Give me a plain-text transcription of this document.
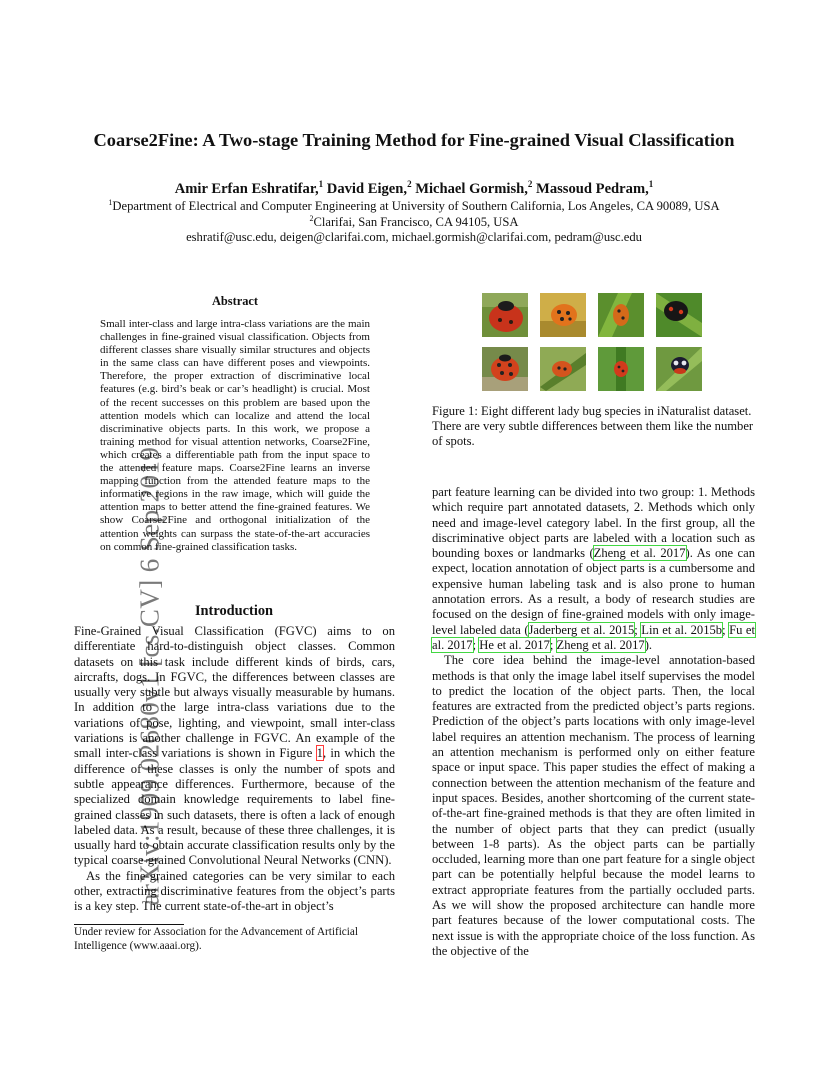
arXiv:1909.02680v1 [cs.CV] 6 Sep 2019
Coarse2Fine: A Two-stage Training Method for Fine-grained Visual Classification
Amir Erfan Eshratifar,$^1$ David Eigen,$^2$ Michael Gormish,$^2$ Massoud Pedram,$^1$
$^1$Department of Electrical and Computer Engineering at University of Southern California, Los Angeles, CA 90089, USA
$^2$Clarifai, San Francisco, CA 94105, USA
eshratif@usc.edu, deigen@clarifai.com, michael.gormish@clarifai.com, pedram@usc.edu
Abstract
Small inter-class and large intra-class variations are the main challenges in fine-grained visual classification. Objects from different classes share visually similar structures and objects in the same class can have different poses and viewpoints. Therefore, the proper extraction of discriminative local features (e.g. bird’s beak or car’s headlight) is crucial. Most of the recent successes on this problem are based upon the attention models which can localize and attend the local discriminative objects parts. In this work, we propose a training method for visual attention networks, Coarse2Fine, which creates a differentiable path from the input space to the attended feature maps. Coarse2Fine learns an inverse mapping function from the attended feature maps to the informative regions in the raw image, which will guide the attention maps to better attend the fine-grained features. We show Coarse2Fine and orthogonal initialization of the attention weights can surpass the state-of-the-art accuracies on common fine-grained classification tasks.
Introduction

Fine-Grained Visual Classification (FGVC) aims to on differentiate hard-to-distinguish object classes. Common datasets on this task include different kinds of birds, cars, aircrafts, dogs. In FGVC, the differences between classes are usually very subtle but always visually measurable by humans. In addition to the large intra-class variations due to the variations of pose, lighting, and viewpoint, small inter-class variations is another challenge in FGVC. An example of the small inter-class variations is shown in Figure 1, in which the difference of these classes is only the number of spots and subtle appearance differences. Furthermore, because of the specialized domain knowledge requirements to label fine-grained classes in such datasets, there is often a lack of enough labeled data. As a result, because of these three challenges, it is usually hard to obtain accurate classification results only by the typical coarse-grained Convolutional Neural Networks (CNN).

As the fine-grained categories can be very similar to each other, extracting discriminative features from the object’s parts is a key step. The current state-of-the-art in object’s

Under review for Association for the Advancement of Artificial Intelligence (www.aaai.org).
Figure 1: Eight different lady bug species in iNaturalist dataset. There are very subtle differences between them like the number of spots.

part feature learning can be divided into two group: 1. Methods which require part annotated datasets, 2. Methods which only need and image-level category label. In the first group, all the discriminative object parts are labeled with a location such as bounding boxes or landmarks (Zheng et al. 2017). As one can expect, location annotation of object parts is a cumbersome and expensive human labeling task and is also prone to human annotation errors. As a result, a body of research studies are focused on the design of fine-grained models with only image-level labeled data (Jaderberg et al. 2015; Lin et al. 2015b; Fu et al. 2017; He et al. 2017; Zheng et al. 2017).

The core idea behind the image-level annotation-based methods is that only the image label itself supervises the model to predict the location of the object parts. Then, the local features are extracted from the predicted object’s parts regions. Prediction of the object’s parts locations with only image-level label requires an attention mechanism. The process of learning an attention mechanism is performed only on either feature space or input space. This paper studies the effect of making a connection between the attention mechanism of the feature and input spaces. Besides, another shortcoming of the current state-of-the-art fine-grained methods is that they are often limited in the number of object parts that they can predict (usually between 1-8 parts). As the object parts can be partially occluded, learning more than one part feature for a single object part can be potentially helpful because the model learns to extract appropriate features from the partially occluded parts. As we will show the proposed architecture can handle more part features because of the lower computational costs. The next issue is with the appropriate choice of the loss function. As the objective of the
